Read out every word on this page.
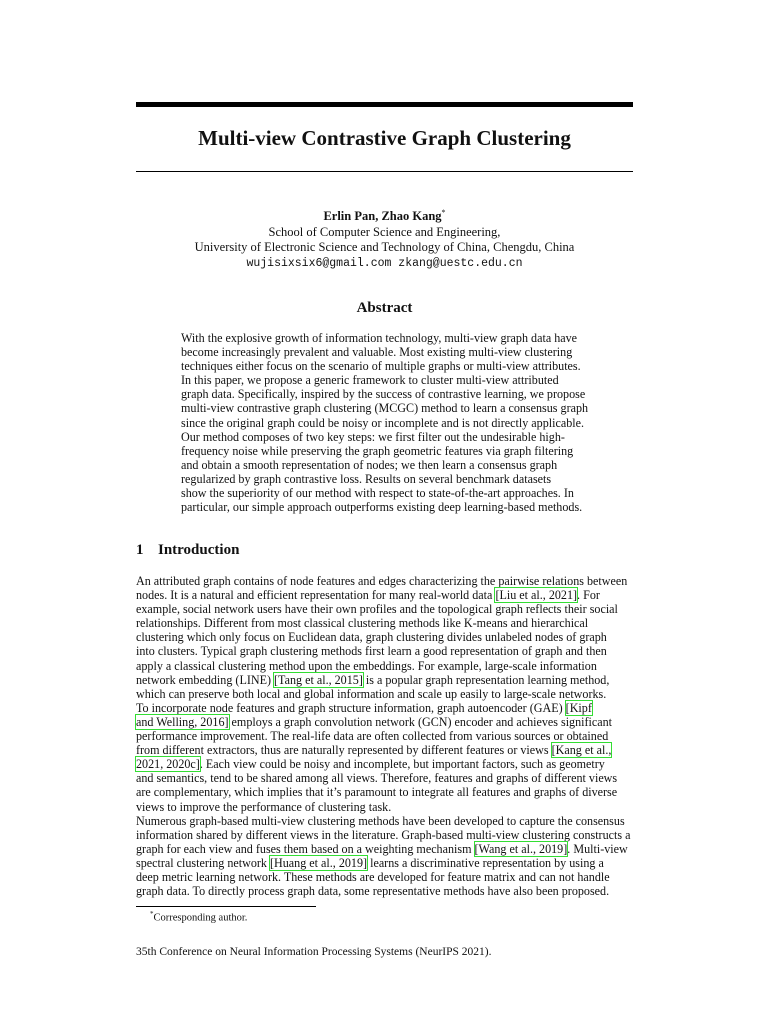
Multi-view Contrastive Graph Clustering
Erlin Pan, Zhao Kang*
School of Computer Science and Engineering,
University of Electronic Science and Technology of China, Chengdu, China
wujisixsix6@gmail.com zkang@uestc.edu.cn
Abstract
With the explosive growth of information technology, multi-view graph data have
become increasingly prevalent and valuable. Most existing multi-view clustering
techniques either focus on the scenario of multiple graphs or multi-view attributes.
In this paper, we propose a generic framework to cluster multi-view attributed
graph data. Specifically, inspired by the success of contrastive learning, we propose
multi-view contrastive graph clustering (MCGC) method to learn a consensus graph
since the original graph could be noisy or incomplete and is not directly applicable.
Our method composes of two key steps: we first filter out the undesirable high-
frequency noise while preserving the graph geometric features via graph filtering
and obtain a smooth representation of nodes; we then learn a consensus graph
regularized by graph contrastive loss. Results on several benchmark datasets
show the superiority of our method with respect to state-of-the-art approaches. In
particular, our simple approach outperforms existing deep learning-based methods.
1 Introduction
An attributed graph contains of node features and edges characterizing the pairwise relations between
nodes. It is a natural and efficient representation for many real-world data [Liu et al., 2021]. For
example, social network users have their own profiles and the topological graph reflects their social
relationships. Different from most classical clustering methods like K-means and hierarchical
clustering which only focus on Euclidean data, graph clustering divides unlabeled nodes of graph
into clusters. Typical graph clustering methods first learn a good representation of graph and then
apply a classical clustering method upon the embeddings. For example, large-scale information
network embedding (LINE) [Tang et al., 2015] is a popular graph representation learning method,
which can preserve both local and global information and scale up easily to large-scale networks.
To incorporate node features and graph structure information, graph autoencoder (GAE) [Kipf
and Welling, 2016] employs a graph convolution network (GCN) encoder and achieves significant
performance improvement. The real-life data are often collected from various sources or obtained
from different extractors, thus are naturally represented by different features or views [Kang et al.,
2021, 2020c]. Each view could be noisy and incomplete, but important factors, such as geometry
and semantics, tend to be shared among all views. Therefore, features and graphs of different views
are complementary, which implies that it’s paramount to integrate all features and graphs of diverse
views to improve the performance of clustering task.
Numerous graph-based multi-view clustering methods have been developed to capture the consensus
information shared by different views in the literature. Graph-based multi-view clustering constructs a
graph for each view and fuses them based on a weighting mechanism [Wang et al., 2019]. Multi-view
spectral clustering network [Huang et al., 2019] learns a discriminative representation by using a
deep metric learning network. These methods are developed for feature matrix and can not handle
graph data. To directly process graph data, some representative methods have also been proposed.
*Corresponding author.
35th Conference on Neural Information Processing Systems (NeurIPS 2021).
